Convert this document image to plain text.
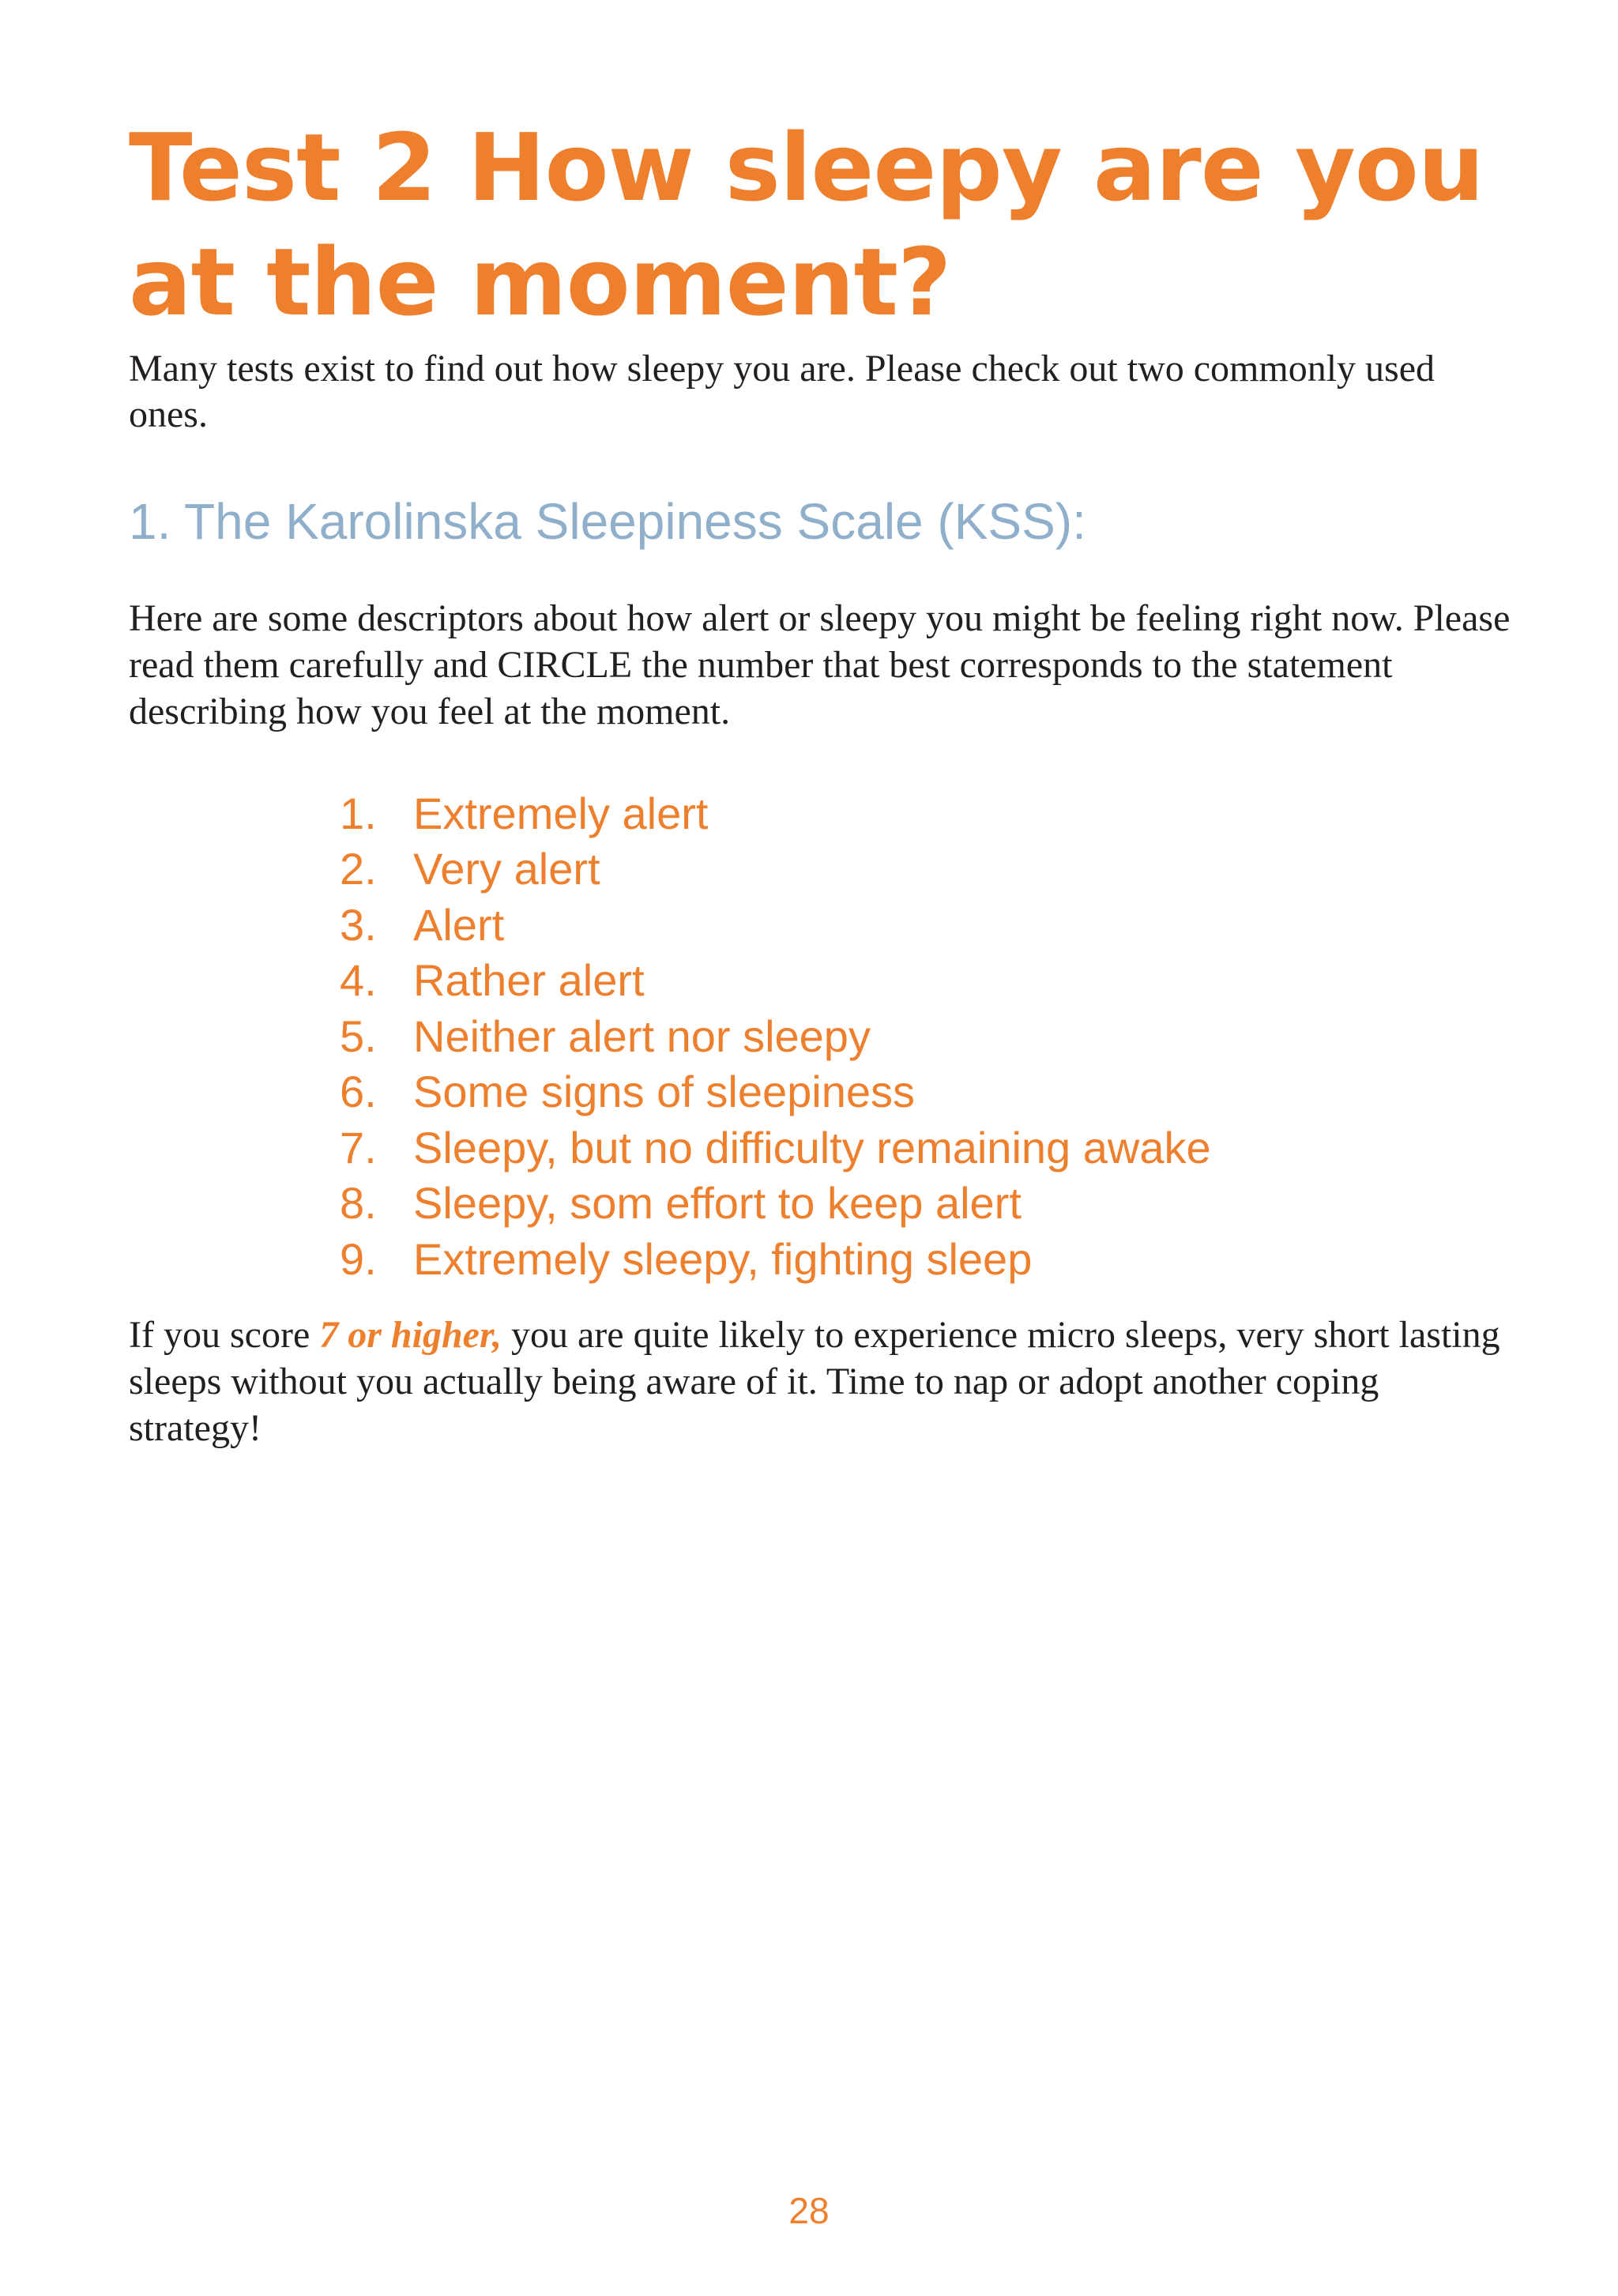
Test 2 How sleepy are you at the moment?

Many tests exist to find out how sleepy you are. Please check out two commonly used ones.

1. The Karolinska Sleepiness Scale (KSS):

Here are some descriptors about how alert or sleepy you might be feeling right now. Please read them carefully and CIRCLE the number that best corresponds to the statement describing how you feel at the moment.

1. Extremely alert
2. Very alert
3. Alert
4. Rather alert
5. Neither alert nor sleepy
6. Some signs of sleepiness
7. Sleepy, but no difficulty remaining awake
8. Sleepy, som effort to keep alert
9. Extremely sleepy, fighting sleep

If you score 7 or higher, you are quite likely to experience micro sleeps, very short lasting sleeps without you actually being aware of it. Time to nap or adopt another coping strategy!

28
